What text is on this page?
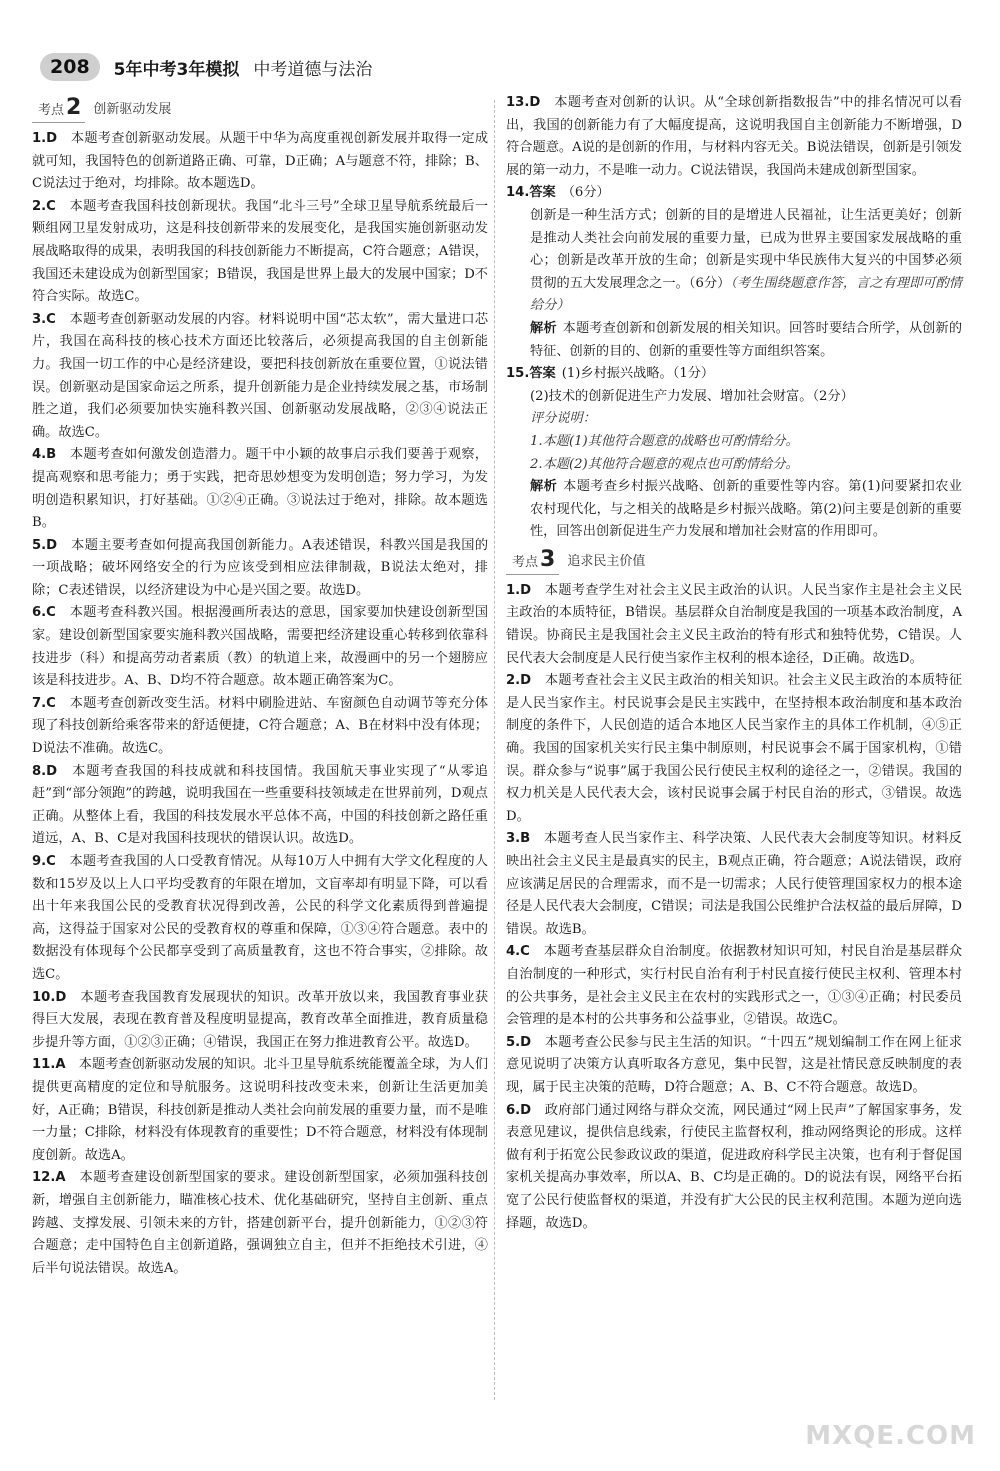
208	5年中考3年模拟 中考道德与法治
考点2 创新驱动发展

1.D　 本题考查创新驱动发展。从题干中华为高度重视创新发展并取得一定成就可知，我国特色的创新道路正确、可靠，D正确；A与题意不符，排除；B、C说法过于绝对，均排除。故本题选D。

2.C　 本题考查我国科技创新现状。我国“北斗三号”全球卫星导航系统最后一颗组网卫星发射成功，这是科技创新带来的发展变化，是我国实施创新驱动发展战略取得的成果，表明我国的科技创新能力不断提高，C符合题意；A错误，我国还未建设成为创新型国家；B错误，我国是世界上最大的发展中国家；D不符合实际。故选C。

3.C　 本题考查创新驱动发展的内容。材料说明中国“芯太软”，需大量进口芯片，我国在高科技的核心技术方面还比较落后，必须提高我国的自主创新能力。我国一切工作的中心是经济建设，要把科技创新放在重要位置，①说法错误。创新驱动是国家命运之所系，提升创新能力是企业持续发展之基，市场制胜之道，我们必须要加快实施科教兴国、创新驱动发展战略，②③④说法正确。故选C。

4.B　 本题考查如何激发创造潜力。题干中小颖的故事启示我们要善于观察，提高观察和思考能力；勇于实践，把奇思妙想变为发明创造；努力学习，为发明创造积累知识，打好基础。①②④正确。③说法过于绝对，排除。故本题选B。

5.D　 本题主要考查如何提高我国创新能力。A表述错误，科教兴国是我国的一项战略；破坏网络安全的行为应该受到相应法律制裁，B说法太绝对，排除；C表述错误，以经济建设为中心是兴国之要。故选D。

6.C　 本题考查科教兴国。根据漫画所表达的意思，国家要加快建设创新型国家。建设创新型国家要实施科教兴国战略，需要把经济建设重心转移到依靠科技进步（科）和提高劳动者素质（教）的轨道上来，故漫画中的另一个翅膀应该是科技进步。A、B、D均不符合题意。故本题正确答案为C。

7.C　 本题考查创新改变生活。材料中刷脸进站、车窗颜色自动调节等充分体现了科技创新给乘客带来的舒适便捷，C符合题意；A、B在材料中没有体现；D说法不准确。故选C。

8.D　 本题考查我国的科技成就和科技国情。我国航天事业实现了“从零追赶”到“部分领跑”的跨越，说明我国在一些重要科技领域走在世界前列，D观点正确。从整体上看，我国的科技发展水平总体不高，中国的科技创新之路任重道远，A、B、C是对我国科技现状的错误认识。故选D。

9.C　 本题考查我国的人口受教育情况。从每10万人中拥有大学文化程度的人数和15岁及以上人口平均受教育的年限在增加，文盲率却有明显下降，可以看出十年来我国公民的受教育状况得到改善，公民的科学文化素质得到普遍提高，这得益于国家对公民的受教育权的尊重和保障，①③④符合题意。表中的数据没有体现每个公民都享受到了高质量教育，这也不符合事实，②排除。故选C。

10.D　 本题考查我国教育发展现状的知识。改革开放以来，我国教育事业获得巨大发展，表现在教育普及程度明显提高，教育改革全面推进，教育质量稳步提升等方面，①②③正确；④错误，我国正在努力推进教育公平。故选D。

11.A　 本题考查创新驱动发展的知识。北斗卫星导航系统能覆盖全球，为人们提供更高精度的定位和导航服务。这说明科技改变未来，创新让生活更加美好，A正确；B错误，科技创新是推动人类社会向前发展的重要力量，而不是唯一力量；C排除，材料没有体现教育的重要性；D不符合题意，材料没有体现制度创新。故选A。

12.A　 本题考查建设创新型国家的要求。建设创新型国家，必须加强科技创新，增强自主创新能力，瞄准核心技术、优化基础研究，坚持自主创新、重点跨越、支撑发展、引领未来的方针，搭建创新平台，提升创新能力，①②③符合题意；走中国特色自主创新道路，强调独立自主，但并不拒绝技术引进，④后半句说法错误。故选A。

13.D　 本题考查对创新的认识。从“全球创新指数报告”中的排名情况可以看出，我国的创新能力有了大幅度提高，这说明我国自主创新能力不断增强，D符合题意。A说的是创新的作用，与材料内容无关。B说法错误，创新是引领发展的第一动力，不是唯一动力。C说法错误，我国尚未建成创新型国家。

14.答案 （6分）

创新是一种生活方式；创新的目的是增进人民福祉，让生活更美好；创新是推动人类社会向前发展的重要力量，已成为世界主要国家发展战略的重心；创新是改革开放的生命；创新是实现中华民族伟大复兴的中国梦必须贯彻的五大发展理念之一。（6分）（考生围绕题意作答，言之有理即可酌情给分）

解析 本题考查创新和创新发展的相关知识。回答时要结合所学，从创新的特征、创新的目的、创新的重要性等方面组织答案。

15.答案 (1)乡村振兴战略。（1分）

(2)技术的创新促进生产力发展、增加社会财富。（2分）

评分说明：

1.本题(1)其他符合题意的战略也可酌情给分。

2.本题(2)其他符合题意的观点也可酌情给分。

解析 本题考查乡村振兴战略、创新的重要性等内容。第(1)问要紧扣农业农村现代化，与之相关的战略是乡村振兴战略。第(2)问主要是创新的重要性，回答出创新促进生产力发展和增加社会财富的作用即可。

考点3 追求民主价值

1.D　 本题考查学生对社会主义民主政治的认识。人民当家作主是社会主义民主政治的本质特征，B错误。基层群众自治制度是我国的一项基本政治制度，A错误。协商民主是我国社会主义民主政治的特有形式和独特优势，C错误。人民代表大会制度是人民行使当家作主权利的根本途径，D正确。故选D。

2.D　 本题考查社会主义民主政治的相关知识。社会主义民主政治的本质特征是人民当家作主。村民说事会是民主实践中，在坚持根本政治制度和基本政治制度的条件下，人民创造的适合本地区人民当家作主的具体工作机制，④⑤正确。我国的国家机关实行民主集中制原则，村民说事会不属于国家机构，①错误。群众参与“说事”属于我国公民行使民主权利的途径之一，②错误。我国的权力机关是人民代表大会，该村民说事会属于村民自治的形式，③错误。故选D。

3.B　 本题考查人民当家作主、科学决策、人民代表大会制度等知识。材料反映出社会主义民主是最真实的民主，B观点正确，符合题意；A说法错误，政府应该满足居民的合理需求，而不是一切需求；人民行使管理国家权力的根本途径是人民代表大会制度，C错误；司法是我国公民维护合法权益的最后屏障，D错误。故选B。

4.C　 本题考查基层群众自治制度。依据教材知识可知，村民自治是基层群众自治制度的一种形式，实行村民自治有利于村民直接行使民主权利、管理本村的公共事务，是社会主义民主在农村的实践形式之一，①③④正确；村民委员会管理的是本村的公共事务和公益事业，②错误。故选C。

5.D　 本题考查公民参与民主生活的知识。“十四五”规划编制工作在网上征求意见说明了决策方认真听取各方意见，集中民智，这是社情民意反映制度的表现，属于民主决策的范畴，D符合题意；A、B、C不符合题意。故选D。

6.D　 政府部门通过网络与群众交流，网民通过“网上民声”了解国家事务，发表意见建议，提供信息线索，行使民主监督权利，推动网络舆论的形成。这样做有利于拓宽公民参政议政的渠道，促进政府科学民主决策，也有利于督促国家机关提高办事效率，所以A、B、C均是正确的。D的说法有误，网络平台拓宽了公民行使监督权的渠道，并没有扩大公民的民主权利范围。本题为逆向选择题，故选D。

MXQE.COM
